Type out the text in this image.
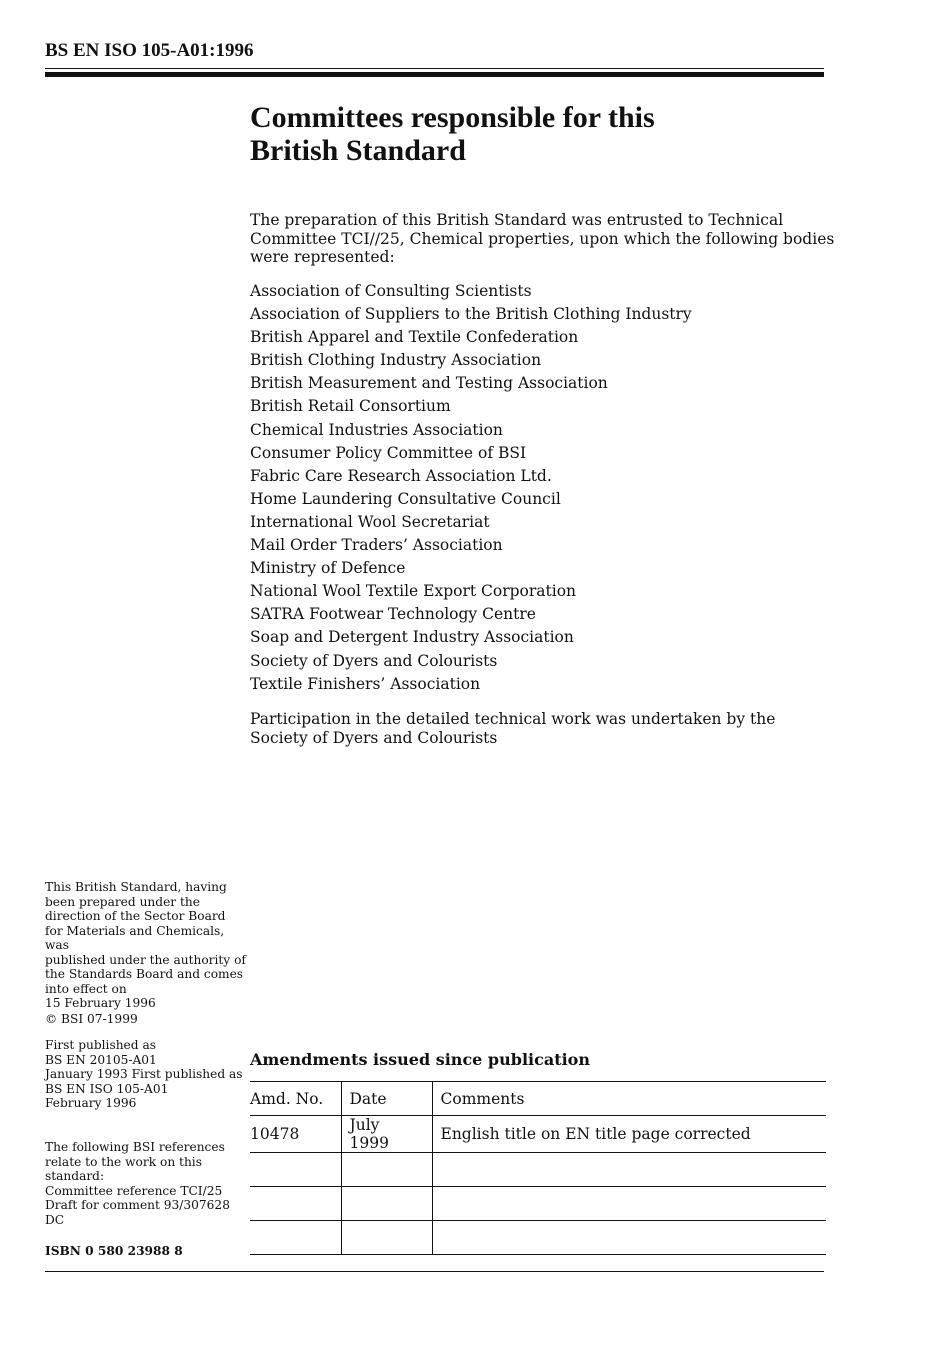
BS EN ISO 105-A01:1996
Committees responsible for this
British Standard

The preparation of this British Standard was entrusted to Technical Committee TCI//25, Chemical properties, upon which the following bodies were represented:

Association of Consulting Scientists
Association of Suppliers to the British Clothing Industry
British Apparel and Textile Confederation
British Clothing Industry Association
British Measurement and Testing Association
British Retail Consortium
Chemical Industries Association
Consumer Policy Committee of BSI
Fabric Care Research Association Ltd.
Home Laundering Consultative Council
International Wool Secretariat
Mail Order Traders’ Association
Ministry of Defence
National Wool Textile Export Corporation
SATRA Footwear Technology Centre
Soap and Detergent Industry Association
Society of Dyers and Colourists
Textile Finishers’ Association

Participation in the detailed technical work was undertaken by the Society of Dyers and Colourists

This British Standard, having
been prepared under the
direction of the Sector Board
for Materials and Chemicals, was
published under the authority of
the Standards Board and comes
into effect on
15 February 1996
© BSI 07-1999
First published as
BS EN 20105-A01
January 1993 First published as
BS EN ISO 105-A01
February 1996
The following BSI references
relate to the work on this
standard:
Committee reference TCI/25
Draft for comment 93/307628 DC
ISBN 0 580 23988 8
Amendments issued since publication
Amd. No.	Date	Comments
10478	July 1999	English title on EN title page corrected
